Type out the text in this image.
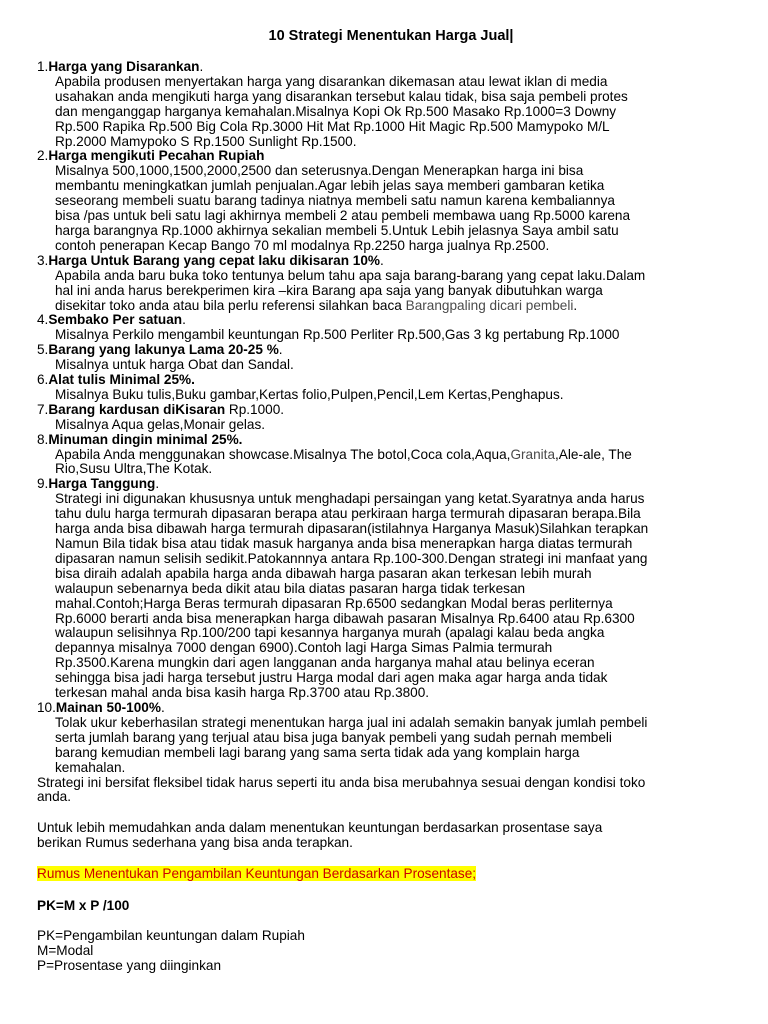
10 Strategi Menentukan Harga Jual|
1.Harga yang Disarankan.
Apabila produsen menyertakan harga yang disarankan dikemasan atau lewat iklan di media
usahakan anda mengikuti harga yang disarankan tersebut kalau tidak, bisa saja pembeli protes
dan menganggap harganya kemahalan.Misalnya Kopi Ok Rp.500 Masako Rp.1000=3 Downy
Rp.500 Rapika Rp.500 Big Cola Rp.3000 Hit Mat Rp.1000 Hit Magic Rp.500 Mamypoko M/L
Rp.2000 Mamypoko S Rp.1500 Sunlight Rp.1500.
2.Harga mengikuti Pecahan Rupiah
Misalnya 500,1000,1500,2000,2500 dan seterusnya.Dengan Menerapkan harga ini bisa
membantu meningkatkan jumlah penjualan.Agar lebih jelas saya memberi gambaran ketika
seseorang membeli suatu barang tadinya niatnya membeli satu namun karena kembaliannya
bisa /pas untuk beli satu lagi akhirnya membeli 2 atau pembeli membawa uang Rp.5000 karena
harga barangnya Rp.1000 akhirnya sekalian membeli 5.Untuk Lebih jelasnya Saya ambil satu
contoh penerapan Kecap Bango 70 ml modalnya Rp.2250 harga jualnya Rp.2500.
3.Harga Untuk Barang yang cepat laku dikisaran 10%.
Apabila anda baru buka toko tentunya belum tahu apa saja barang-barang yang cepat laku.Dalam
hal ini anda harus berekperimen kira –kira Barang apa saja yang banyak dibutuhkan warga
disekitar toko anda atau bila perlu referensi silahkan baca Barangpaling dicari pembeli.
4.Sembako Per satuan.
Misalnya Perkilo mengambil keuntungan Rp.500 Perliter Rp.500,Gas 3 kg pertabung Rp.1000
5.Barang yang lakunya Lama 20-25 %.
Misalnya untuk harga Obat dan Sandal.
6.Alat tulis Minimal 25%.
Misalnya Buku tulis,Buku gambar,Kertas folio,Pulpen,Pencil,Lem Kertas,Penghapus.
7.Barang kardusan diKisaran Rp.1000.
Misalnya Aqua gelas,Monair gelas.
8.Minuman dingin minimal 25%.
Apabila Anda menggunakan showcase.Misalnya The botol,Coca cola,Aqua,Granita,Ale-ale, The
Rio,Susu Ultra,The Kotak.
9.Harga Tanggung.
Strategi ini digunakan khususnya untuk menghadapi persaingan yang ketat.Syaratnya anda harus
tahu dulu harga termurah dipasaran berapa atau perkiraan harga termurah dipasaran berapa.Bila
harga anda bisa dibawah harga termurah dipasaran(istilahnya Harganya Masuk)Silahkan terapkan
Namun Bila tidak bisa atau tidak masuk harganya anda bisa menerapkan harga diatas termurah
dipasaran namun selisih sedikit.Patokannnya antara Rp.100-300.Dengan strategi ini manfaat yang
bisa diraih adalah apabila harga anda dibawah harga pasaran akan terkesan lebih murah
walaupun sebenarnya beda dikit atau bila diatas pasaran harga tidak terkesan
mahal.Contoh;Harga Beras termurah dipasaran Rp.6500 sedangkan Modal beras perliternya
Rp.6000 berarti anda bisa menerapkan harga dibawah pasaran Misalnya Rp.6400 atau Rp.6300
walaupun selisihnya Rp.100/200 tapi kesannya harganya murah (apalagi kalau beda angka
depannya misalnya 7000 dengan 6900).Contoh lagi Harga Simas Palmia termurah
Rp.3500.Karena mungkin dari agen langganan anda harganya mahal atau belinya eceran
sehingga bisa jadi harga tersebut justru Harga modal dari agen maka agar harga anda tidak
terkesan mahal anda bisa kasih harga Rp.3700 atau Rp.3800.
10.Mainan 50-100%.
Tolak ukur keberhasilan strategi menentukan harga jual ini adalah semakin banyak jumlah pembeli
serta jumlah barang yang terjual atau bisa juga banyak pembeli yang sudah pernah membeli
barang kemudian membeli lagi barang yang sama serta tidak ada yang komplain harga
kemahalan.
Strategi ini bersifat fleksibel tidak harus seperti itu anda bisa merubahnya sesuai dengan kondisi toko
anda.
Untuk lebih memudahkan anda dalam menentukan keuntungan berdasarkan prosentase saya
berikan Rumus sederhana yang bisa anda terapkan.
Rumus Menentukan Pengambilan Keuntungan Berdasarkan Prosentase;
PK=M x P /100
PK=Pengambilan keuntungan dalam Rupiah
M=Modal
P=Prosentase yang diinginkan
